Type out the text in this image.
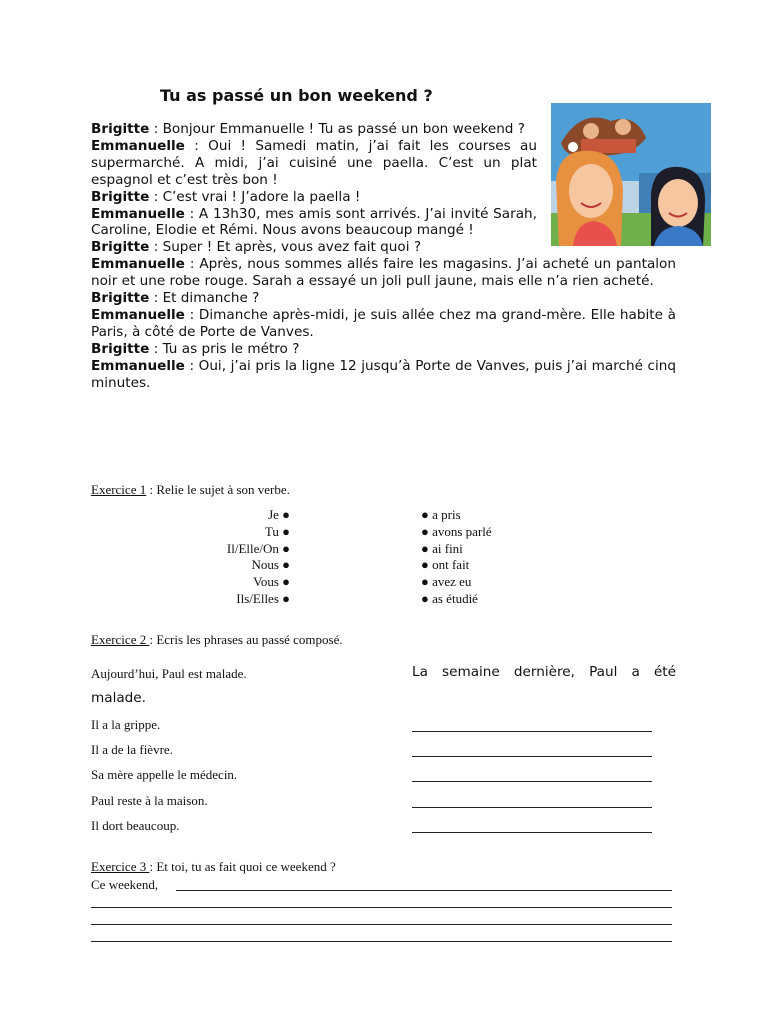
Tu as passé un bon weekend ?

Brigitte : Bonjour Emmanuelle ! Tu as passé un bon weekend ?

Emmanuelle : Oui ! Samedi matin, j’ai fait les courses au supermarché. A midi, j’ai cuisiné une paella. C’est un plat espagnol et c’est très bon !

Brigitte : C’est vrai ! J’adore la paella !

Emmanuelle : A 13h30, mes amis sont arrivés. J’ai invité Sarah, Caroline, Elodie et Rémi. Nous avons beaucoup mangé !

Brigitte : Super ! Et après, vous avez fait quoi ?

Emmanuelle : Après, nous sommes allés faire les magasins. J’ai acheté un pantalon noir et une robe rouge. Sarah a essayé un joli pull jaune, mais elle n’a rien acheté.

Brigitte : Et dimanche ?

Emmanuelle : Dimanche après-midi, je suis allée chez ma grand-mère. Elle habite à Paris, à côté de Porte de Vanves.

Brigitte : Tu as pris le métro ?

Emmanuelle : Oui, j’ai pris la ligne 12 jusqu’à Porte de Vanves, puis j’ai marché cinq minutes.

Exercice 1 : Relie le sujet à son verbe.
Je ●
Tu ●
Il/Elle/On ●
Nous ●
Vous ●
Ils/Elles ●
● a pris
● avons parlé
● ai fini
● ont fait
● avez eu
● as étudié
Exercice 2 : Ecris les phrases au passé composé.
Aujourd’hui, Paul est malade.	La semaine dernière, Paul a été
malade.
Il a la grippe.
Il a de la fièvre.
Sa mère appelle le médecin.
Paul reste à la maison.
Il dort beaucoup.
Exercice 3 : Et toi, tu as fait quoi ce weekend ?
Ce weekend,
